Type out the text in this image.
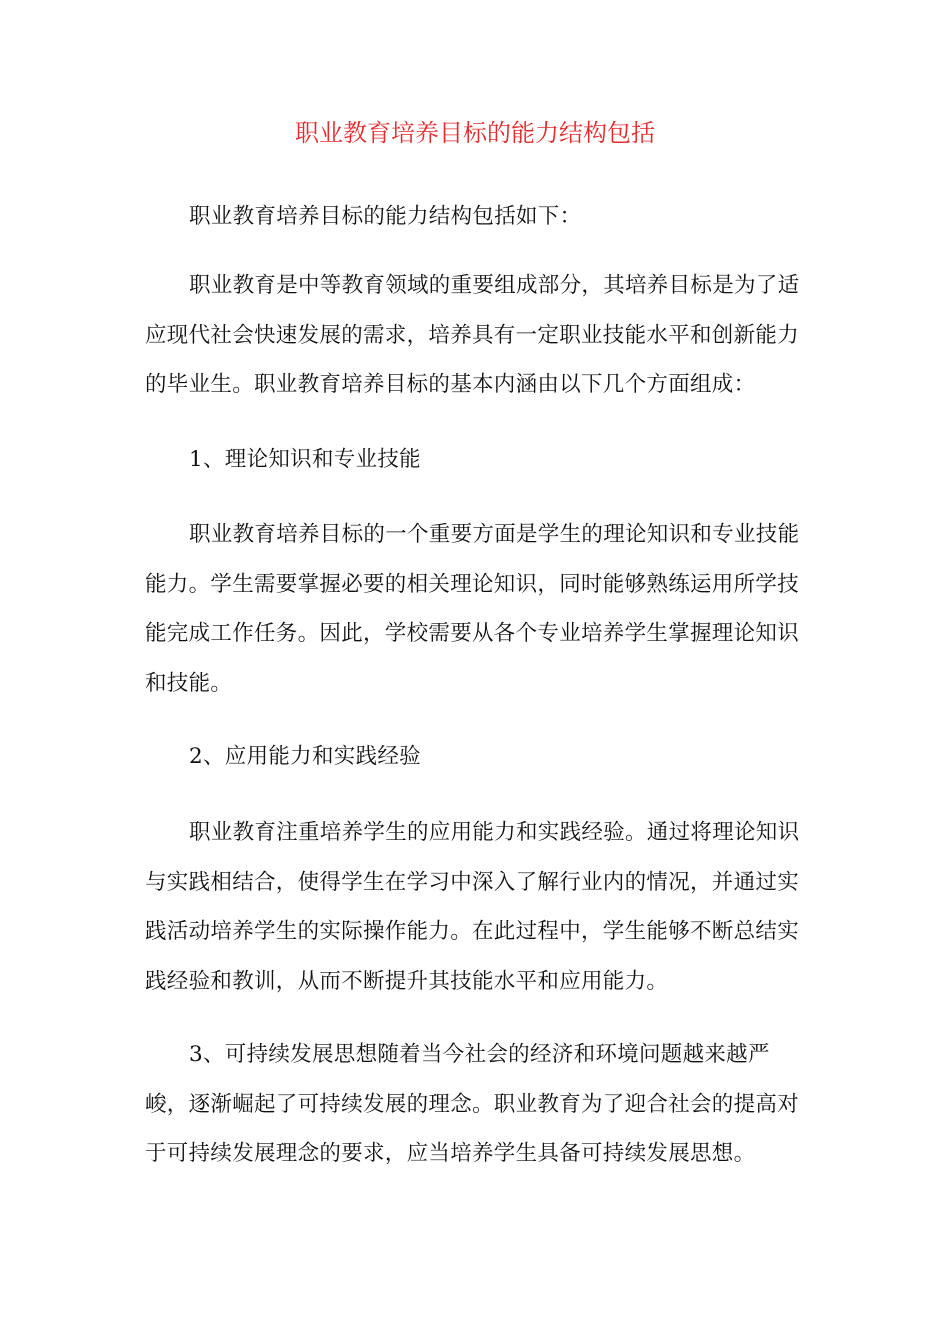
职业教育培养目标的能力结构包括

职业教育培养目标的能力结构包括如下：

职业教育是中等教育领域的重要组成部分，其培养目标是为了适应现代社会快速发展的需求，培养具有一定职业技能水平和创新能力的毕业生。职业教育培养目标的基本内涵由以下几个方面组成：

1、理论知识和专业技能

职业教育培养目标的一个重要方面是学生的理论知识和专业技能能力。学生需要掌握必要的相关理论知识，同时能够熟练运用所学技能完成工作任务。因此，学校需要从各个专业培养学生掌握理论知识和技能。

2、应用能力和实践经验

职业教育注重培养学生的应用能力和实践经验。通过将理论知识与实践相结合，使得学生在学习中深入了解行业内的情况，并通过实践活动培养学生的实际操作能力。在此过程中，学生能够不断总结实践经验和教训，从而不断提升其技能水平和应用能力。

3、可持续发展思想随着当今社会的经济和环境问题越来越严峻，逐渐崛起了可持续发展的理念。职业教育为了迎合社会的提高对于可持续发展理念的要求，应当培养学生具备可持续发展思想。
